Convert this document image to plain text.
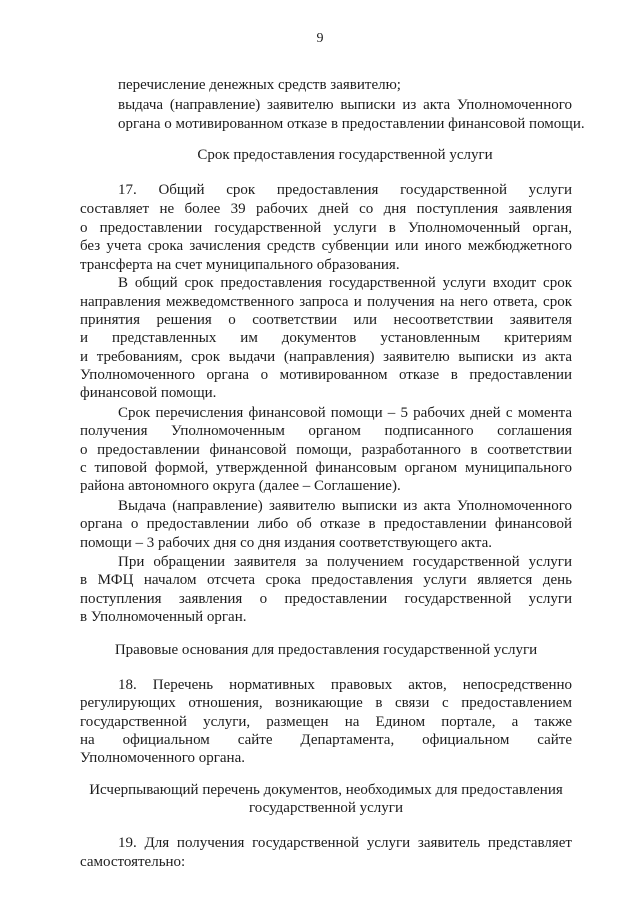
9
перечисление денежных средств заявителю;
выдача (направление) заявителю выписки из акта Уполномоченного
органа о мотивированном отказе в предоставлении финансовой помощи.
Срок предоставления государственной услуги
17. Общий срок предоставления государственной услуги
составляет не более 39 рабочих дней со дня поступления заявления
о предоставлении государственной услуги в Уполномоченный орган,
без учета срока зачисления средств субвенции или иного межбюджетного
трансферта на счет муниципального образования.
В общий срок предоставления государственной услуги входит срок
направления межведомственного запроса и получения на него ответа, срок
принятия решения о соответствии или несоответствии заявителя
и представленных им документов установленным критериям
и требованиям, срок выдачи (направления) заявителю выписки из акта
Уполномоченного органа о мотивированном отказе в предоставлении
финансовой помощи.
Срок перечисления финансовой помощи – 5 рабочих дней с момента
получения Уполномоченным органом подписанного соглашения
о предоставлении финансовой помощи, разработанного в соответствии
с типовой формой, утвержденной финансовым органом муниципального
района автономного округа (далее – Соглашение).
Выдача (направление) заявителю выписки из акта Уполномоченного
органа о предоставлении либо об отказе в предоставлении финансовой
помощи – 3 рабочих дня со дня издания соответствующего акта.
При обращении заявителя за получением государственной услуги
в МФЦ началом отсчета срока предоставления услуги является день
поступления заявления о предоставлении государственной услуги
в Уполномоченный орган.
Правовые основания для предоставления государственной услуги
18. Перечень нормативных правовых актов, непосредственно
регулирующих отношения, возникающие в связи с предоставлением
государственной услуги, размещен на Едином портале, а также
на официальном сайте Департамента, официальном сайте
Уполномоченного органа.
Исчерпывающий перечень документов, необходимых для предоставления
государственной услуги
19. Для получения государственной услуги заявитель представляет
самостоятельно:
